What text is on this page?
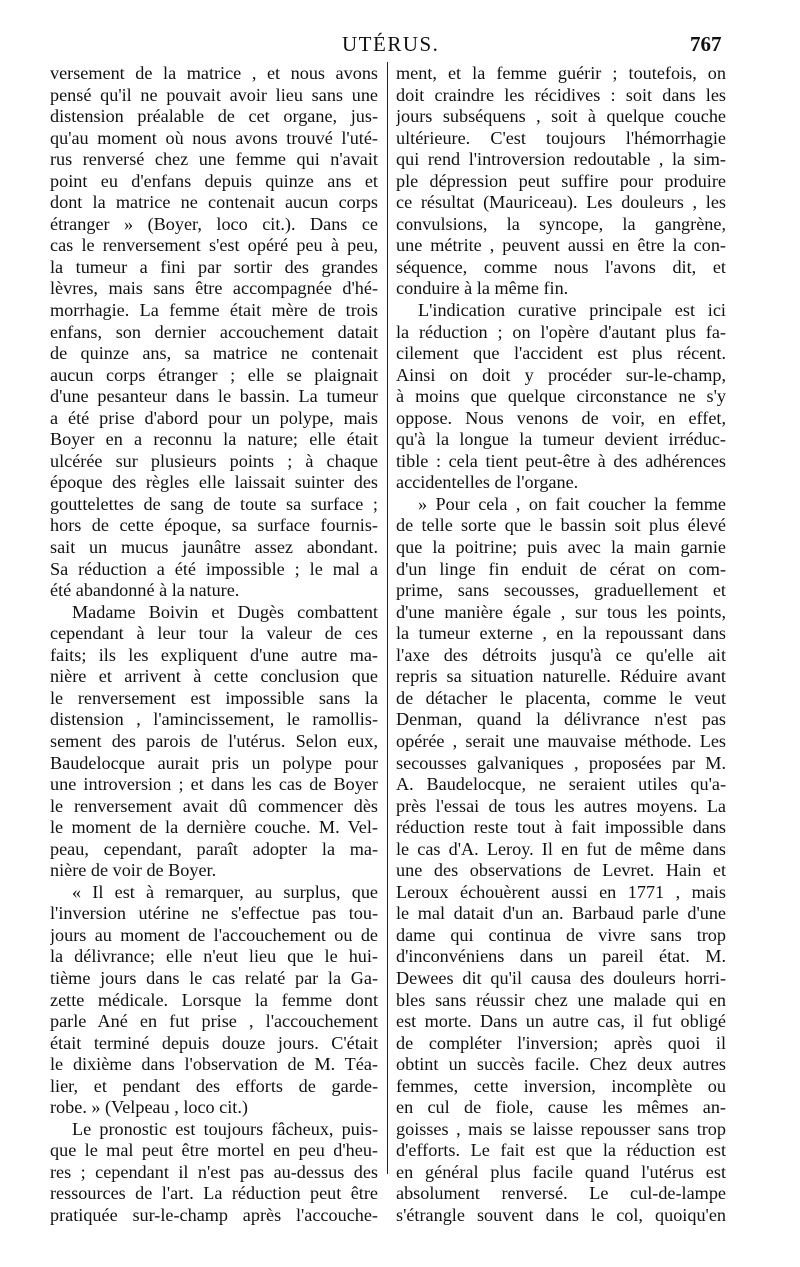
UTÉRUS.	767
versement de la matrice , et nous avons
pensé qu'il ne pouvait avoir lieu sans une
distension préalable de cet organe, jus-
qu'au moment où nous avons trouvé l'uté-
rus renversé chez une femme qui n'avait
point eu d'enfans depuis quinze ans et
dont la matrice ne contenait aucun corps
étranger » (Boyer, loco cit.). Dans ce
cas le renversement s'est opéré peu à peu,
la tumeur a fini par sortir des grandes
lèvres, mais sans être accompagnée d'hé-
morrhagie. La femme était mère de trois
enfans, son dernier accouchement datait
de quinze ans, sa matrice ne contenait
aucun corps étranger ; elle se plaignait
d'une pesanteur dans le bassin. La tumeur
a été prise d'abord pour un polype, mais
Boyer en a reconnu la nature; elle était
ulcérée sur plusieurs points ; à chaque
époque des règles elle laissait suinter des
gouttelettes de sang de toute sa surface ;
hors de cette époque, sa surface fournis-
sait un mucus jaunâtre assez abondant.
Sa réduction a été impossible ; le mal a
été abandonné à la nature.
Madame Boivin et Dugès combattent
cependant à leur tour la valeur de ces
faits; ils les expliquent d'une autre ma-
nière et arrivent à cette conclusion que
le renversement est impossible sans la
distension , l'amincissement, le ramollis-
sement des parois de l'utérus. Selon eux,
Baudelocque aurait pris un polype pour
une introversion ; et dans les cas de Boyer
le renversement avait dû commencer dès
le moment de la dernière couche. M. Vel-
peau, cependant, paraît adopter la ma-
nière de voir de Boyer.
« Il est à remarquer, au surplus, que
l'inversion utérine ne s'effectue pas tou-
jours au moment de l'accouchement ou de
la délivrance; elle n'eut lieu que le hui-
tième jours dans le cas relaté par la Ga-
zette médicale. Lorsque la femme dont
parle Ané en fut prise , l'accouchement
était terminé depuis douze jours. C'était
le dixième dans l'observation de M. Téa-
lier, et pendant des efforts de garde-
robe. » (Velpeau , loco cit.)
Le pronostic est toujours fâcheux, puis-
que le mal peut être mortel en peu d'heu-
res ; cependant il n'est pas au-dessus des
ressources de l'art. La réduction peut être
pratiquée sur-le-champ après l'accouche-
ment, et la femme guérir ; toutefois, on
doit craindre les récidives : soit dans les
jours subséquens , soit à quelque couche
ultérieure. C'est toujours l'hémorrhagie
qui rend l'introversion redoutable , la sim-
ple dépression peut suffire pour produire
ce résultat (Mauriceau). Les douleurs , les
convulsions, la syncope, la gangrène,
une métrite , peuvent aussi en être la con-
séquence, comme nous l'avons dit, et
conduire à la même fin.
L'indication curative principale est ici
la réduction ; on l'opère d'autant plus fa-
cilement que l'accident est plus récent.
Ainsi on doit y procéder sur-le-champ,
à moins que quelque circonstance ne s'y
oppose. Nous venons de voir, en effet,
qu'à la longue la tumeur devient irréduc-
tible : cela tient peut-être à des adhérences
accidentelles de l'organe.
» Pour cela , on fait coucher la femme
de telle sorte que le bassin soit plus élevé
que la poitrine; puis avec la main garnie
d'un linge fin enduit de cérat on com-
prime, sans secousses, graduellement et
d'une manière égale , sur tous les points,
la tumeur externe , en la repoussant dans
l'axe des détroits jusqu'à ce qu'elle ait
repris sa situation naturelle. Réduire avant
de détacher le placenta, comme le veut
Denman, quand la délivrance n'est pas
opérée , serait une mauvaise méthode. Les
secousses galvaniques , proposées par M.
A. Baudelocque, ne seraient utiles qu'a-
près l'essai de tous les autres moyens. La
réduction reste tout à fait impossible dans
le cas d'A. Leroy. Il en fut de même dans
une des observations de Levret. Hain et
Leroux échouèrent aussi en 1771 , mais
le mal datait d'un an. Barbaud parle d'une
dame qui continua de vivre sans trop
d'inconvéniens dans un pareil état. M.
Dewees dit qu'il causa des douleurs horri-
bles sans réussir chez une malade qui en
est morte. Dans un autre cas, il fut obligé
de compléter l'inversion; après quoi il
obtint un succès facile. Chez deux autres
femmes, cette inversion, incomplète ou
en cul de fiole, cause les mêmes an-
goisses , mais se laisse repousser sans trop
d'efforts. Le fait est que la réduction est
en général plus facile quand l'utérus est
absolument renversé. Le cul-de-lampe
s'étrangle souvent dans le col, quoiqu'en
